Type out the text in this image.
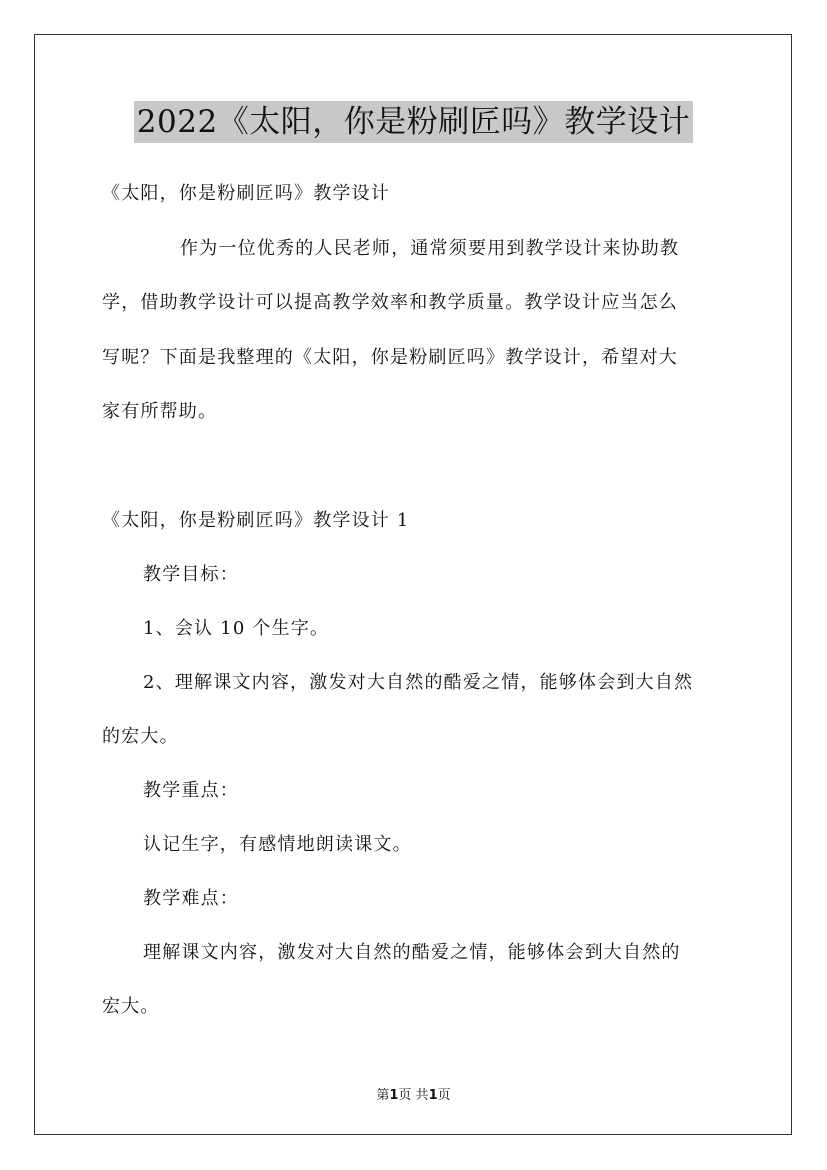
2022《太阳，你是粉刷匠吗》教学设计
《太阳，你是粉刷匠吗》教学设计
作为一位优秀的人民老师，通常须要用到教学设计来协助教
学，借助教学设计可以提高教学效率和教学质量。教学设计应当怎么
写呢？下面是我整理的《太阳，你是粉刷匠吗》教学设计，希望对大
家有所帮助。
《太阳，你是粉刷匠吗》教学设计 1
教学目标：
1、会认 10 个生字。
2、理解课文内容，激发对大自然的酷爱之情，能够体会到大自然
的宏大。
教学重点：
认记生字，有感情地朗读课文。
教学难点：
理解课文内容，激发对大自然的酷爱之情，能够体会到大自然的
宏大。
第1页 共1页
